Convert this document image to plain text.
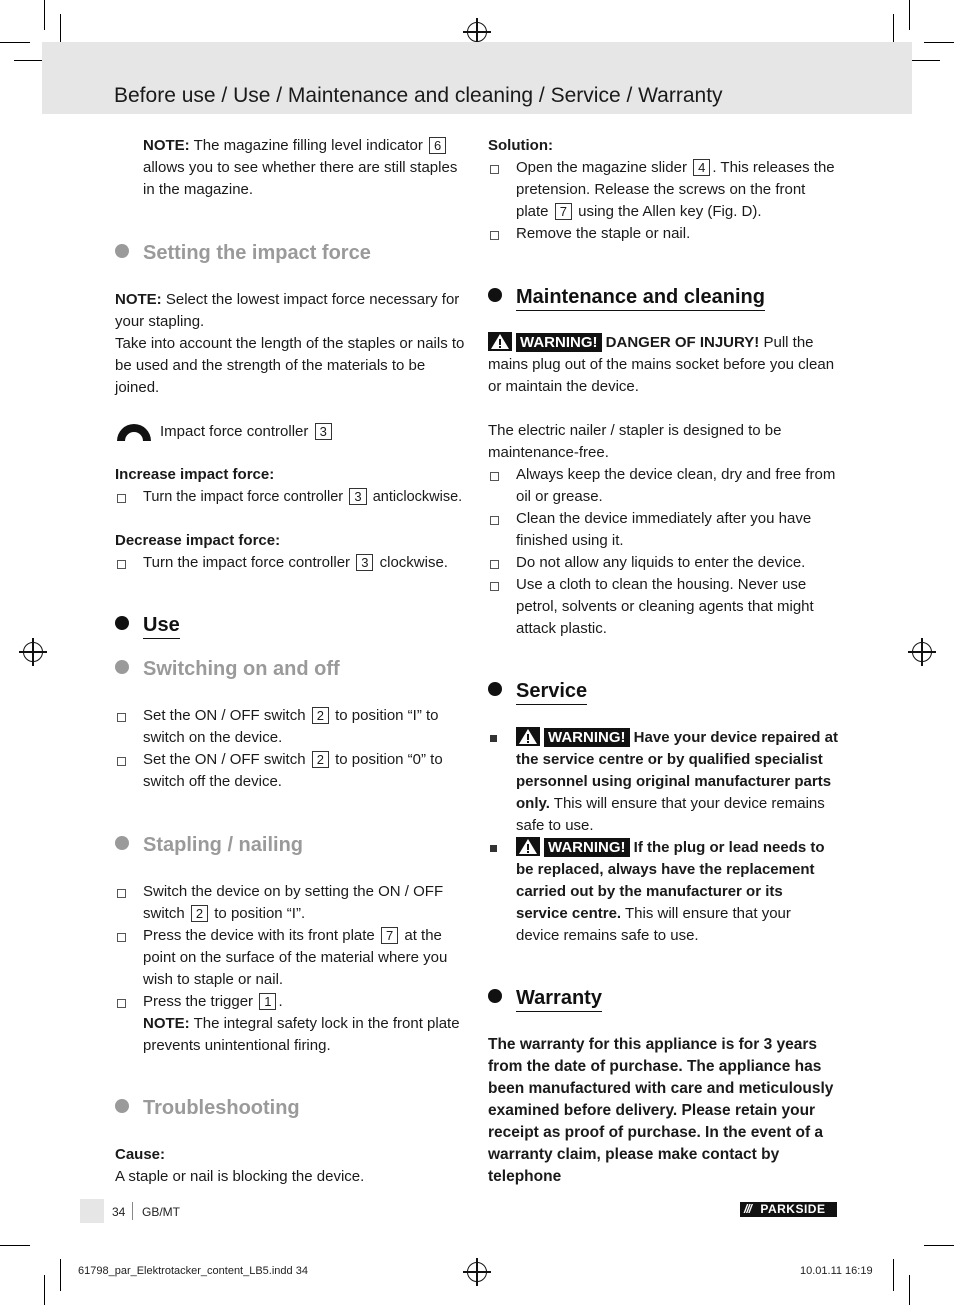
Before use / Use / Maintenance and cleaning / Service / Warranty

NOTE: The magazine filling level indicator 6 allows you to see whether there are still staples in the magazine.

Setting the impact force

NOTE: Select the lowest impact force necessary for your stapling.

Take into account the length of the staples or nails to be used and the strength of the materials to be joined.

Impact force controller 3

Increase impact force:

Turn the impact force controller 3 anticlockwise.

Decrease impact force:

Turn the impact force controller 3 clockwise.
Use
Switching on and off
Set the ON / OFF switch 2 to position “I” to switch on the device.
Set the ON / OFF switch 2 to position “0” to switch off the device.
Stapling / nailing
Switch the device on by setting the ON / OFF switch 2 to position “I”.
Press the device with its front plate 7 at the point on the surface of the material where you wish to staple or nail.
Press the trigger 1 .
NOTE: The integral safety lock in the front plate prevents unintentional firing.
Troubleshooting

Cause:

A staple or nail is blocking the device.

Solution:

Open the magazine slider 4 . This releases the pretension. Release the screws on the front plate 7 using the Allen key (Fig. D).
Remove the staple or nail.
Maintenance and cleaning

WARNING! DANGER OF INJURY! Pull the mains plug out of the mains socket before you clean or maintain the device.

The electric nailer / stapler is designed to be maintenance-free.

Always keep the device clean, dry and free from oil or grease.
Clean the device immediately after you have finished using it.
Do not allow any liquids to enter the device.
Use a cloth to clean the housing. Never use petrol, solvents or cleaning agents that might attack plastic.
Service
WARNING! Have your device repaired at the service centre or by qualified specialist personnel using original manufacturer parts only. This will ensure that your device remains safe to use.
WARNING! If the plug or lead needs to be replaced, always have the replacement carried out by the manufacturer or its service centre. This will ensure that your device remains safe to use.
Warranty
The warranty for this appliance is for 3 years from the date of purchase. The appliance has been manufactured with care and meticulously examined before delivery. Please retain your receipt as proof of purchase. In the event of a warranty claim, please make contact by telephone
34 GB/MT	/// PARKSIDE
61798_par_Elektrotacker_content_LB5.indd 34	10.01.11 16:19
